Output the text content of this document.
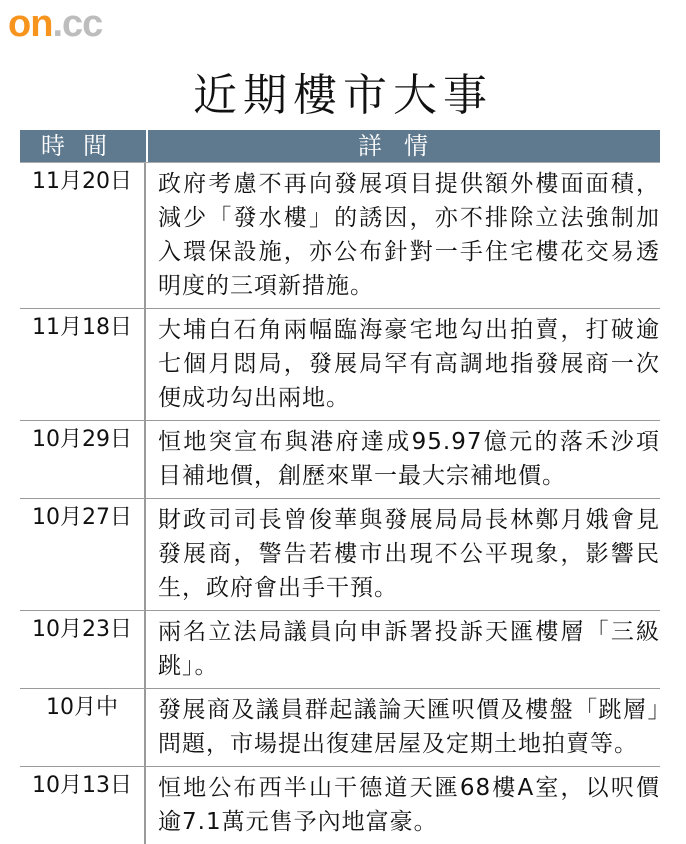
on.cc
近期樓市大事
時間	詳情
11月20日	政府考慮不再向發展項目提供額外樓面面積，減少「發水樓」的誘因，亦不排除立法強制加入環保設施，亦公布針對一手住宅樓花交易透明度的三項新措施。
11月18日	大埔白石角兩幅臨海豪宅地勾出拍賣，打破逾七個月悶局，發展局罕有高調地指發展商一次便成功勾出兩地。
10月29日	恒地突宣布與港府達成95.97億元的落禾沙項目補地價，創歷來單一最大宗補地價。
10月27日	財政司司長曾俊華與發展局局長林鄭月娥會見發展商，警告若樓市出現不公平現象，影響民生，政府會出手干預。
10月23日	兩名立法局議員向申訴署投訴天匯樓層「三級跳」。
10月中	發展商及議員群起議論天匯呎價及樓盤「跳層」問題，市場提出復建居屋及定期土地拍賣等。
10月13日	恒地公布西半山干德道天匯68樓A室，以呎價逾7.1萬元售予內地富豪。
